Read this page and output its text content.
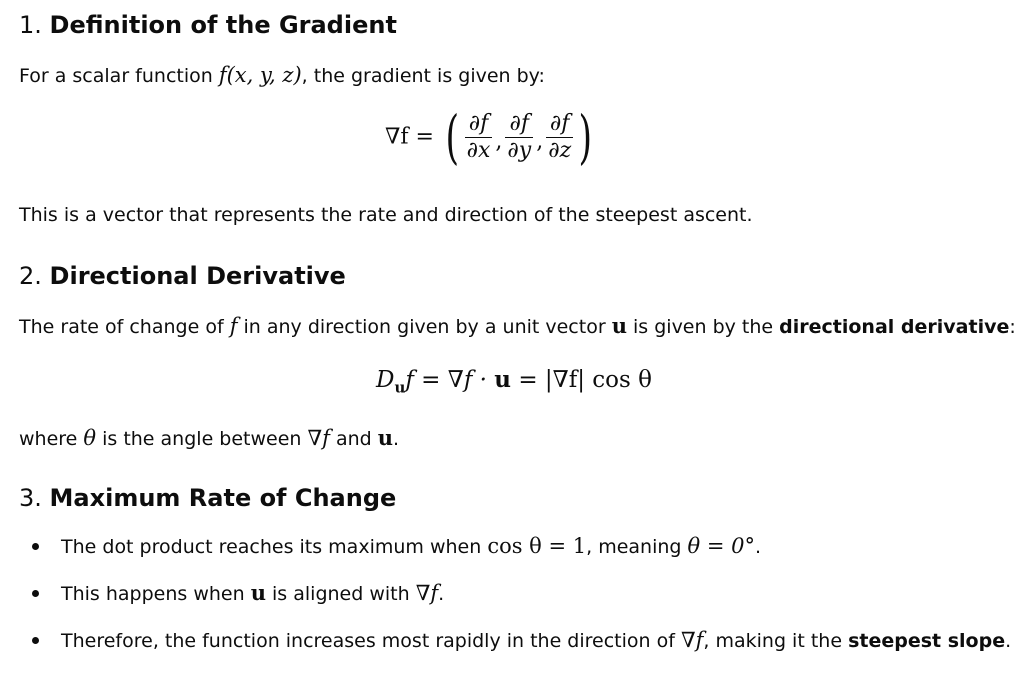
1. Definition of the Gradient
For a scalar function f(x, y, z), the gradient is given by:
∇f = ( $\frac{\partial f}{\partial x}$ , $\frac{\partial f}{\partial y}$ , $\frac{\partial f}{\partial z}$ )
This is a vector that represents the rate and direction of the steepest ascent.
2. Directional Derivative
The rate of change of f in any direction given by a unit vector u is given by the directional derivative:
$D_uf = \nabla f \cdot u = |\nabla f|$ cos θ
where θ is the angle between ∇f and u.
3. Maximum Rate of Change
The dot product reaches its maximum when cos θ = 1, meaning θ = 0°.
This happens when u is aligned with ∇f.
Therefore, the function increases most rapidly in the direction of ∇f, making it the steepest slope.
